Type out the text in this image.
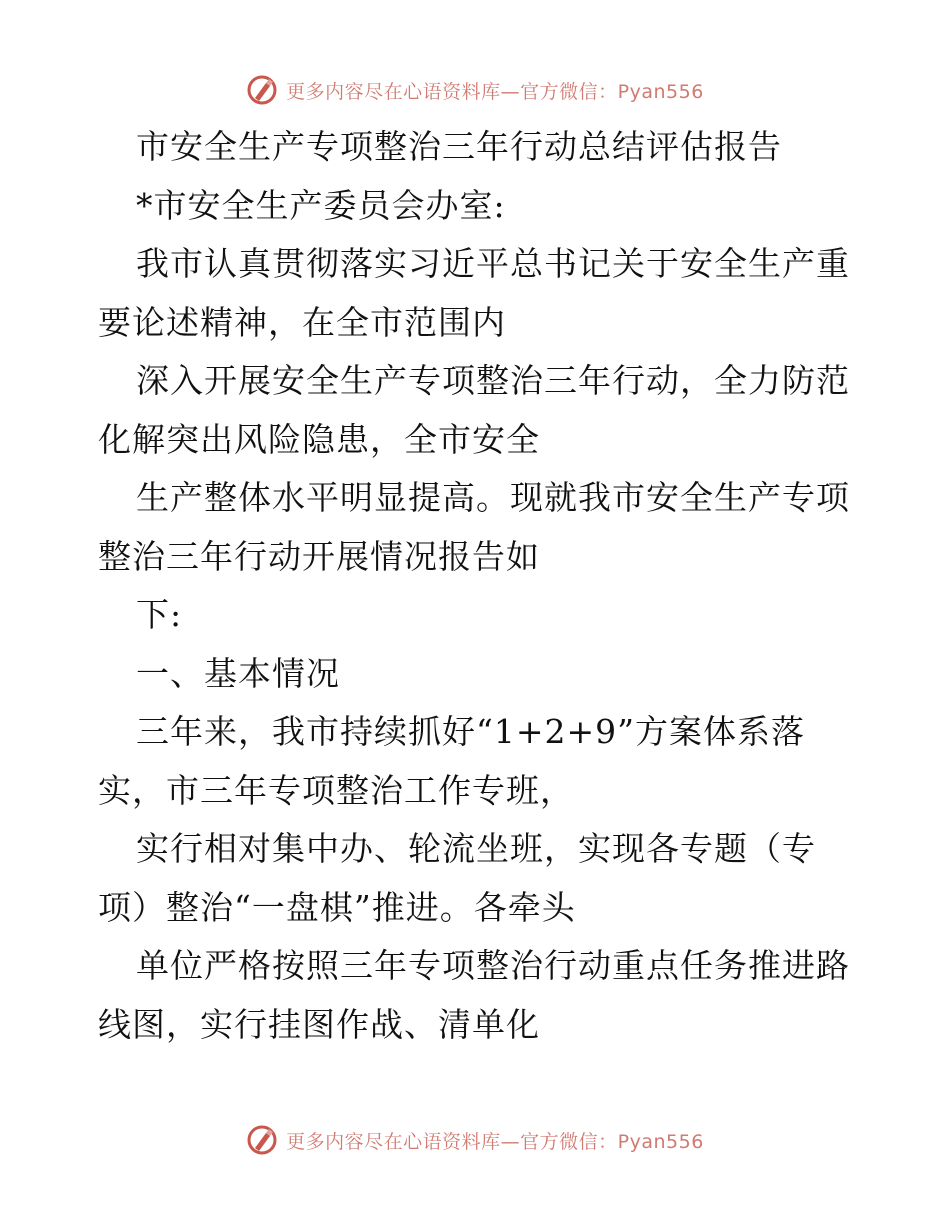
更多内容尽在心语资料库—官方微信：Pyan556
市安全生产专项整治三年行动总结评估报告
*市安全生产委员会办室:
我市认真贯彻落实习近平总书记关于安全生产重
要论述精神，在全市范围内
深入开展安全生产专项整治三年行动，全力防范
化解突出风险隐患，全市安全
生产整体水平明显提高。现就我市安全生产专项
整治三年行动开展情况报告如
下:
一、基本情况
三年来，我市持续抓好“1+2+9”方案体系落
实，市三年专项整治工作专班，
实行相对集中办、轮流坐班，实现各专题（专
项）整治“一盘棋”推进。各牵头
单位严格按照三年专项整治行动重点任务推进路
线图，实行挂图作战、清单化
更多内容尽在心语资料库—官方微信：Pyan556
